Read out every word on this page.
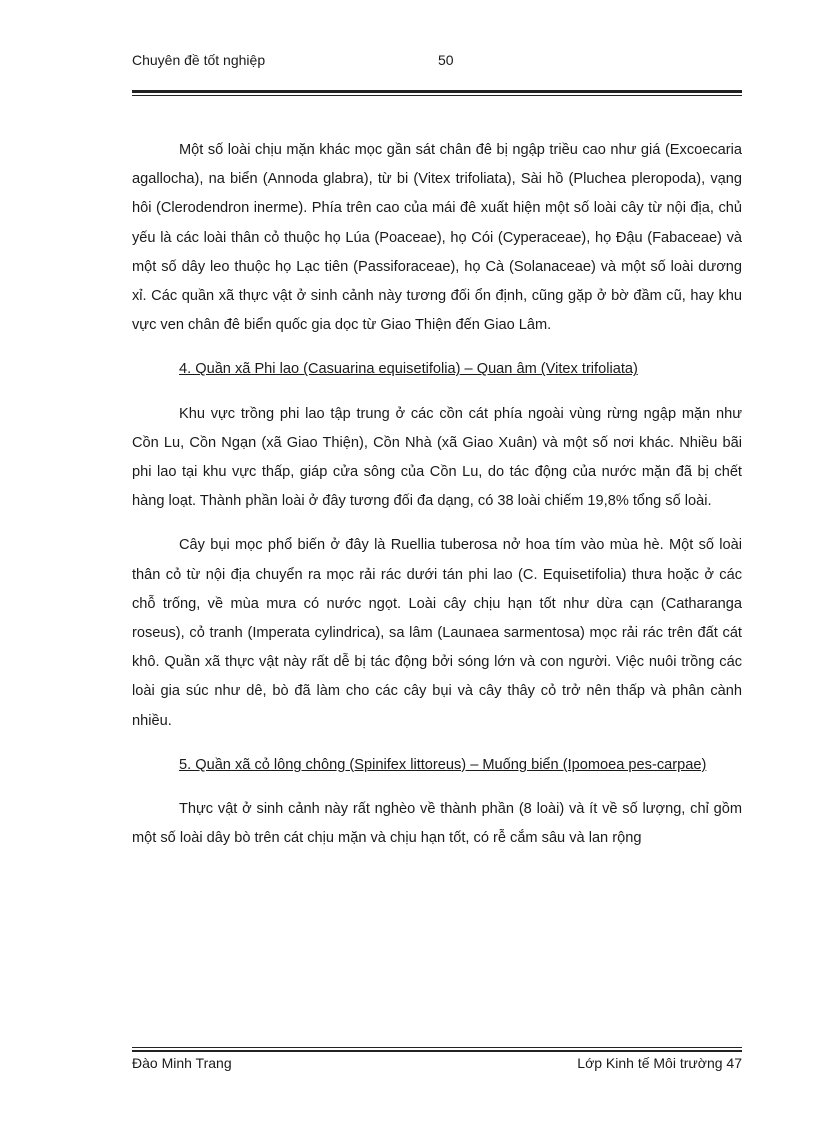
Chuyên đề tốt nghiệp	50

Một số loài chịu mặn khác mọc gần sát chân đê bị ngập triều cao như giá (Excoecaria agallocha), na biển (Annoda glabra), từ bi (Vitex trifoliata), Sài hồ (Pluchea pleropoda), vạng hôi (Clerodendron inerme). Phía trên cao của mái đê xuất hiện một số loài cây từ nội địa, chủ yếu là các loài thân cỏ thuộc họ Lúa (Poaceae), họ Cói (Cyperaceae), họ Đậu (Fabaceae) và một số dây leo thuộc họ Lạc tiên (Passiforaceae), họ Cà (Solanaceae) và một số loài dương xỉ. Các quần xã thực vật ở sinh cảnh này tương đối ổn định, cũng gặp ở bờ đầm cũ, hay khu vực ven chân đê biển quốc gia dọc từ Giao Thiện đến Giao Lâm.

4. Quần xã Phi lao (Casuarina equisetifolia) – Quan âm (Vitex trifoliata)

Khu vực trồng phi lao tập trung ở các cồn cát phía ngoài vùng rừng ngập mặn như Cồn Lu, Cồn Ngạn (xã Giao Thiện), Cồn Nhà (xã Giao Xuân) và một số nơi khác. Nhiều bãi phi lao tại khu vực thấp, giáp cửa sông của Cồn Lu, do tác động của nước mặn đã bị chết hàng loạt. Thành phần loài ở đây tương đối đa dạng, có 38 loài chiếm 19,8% tổng số loài.

Cây bụi mọc phổ biến ở đây là Ruellia tuberosa nở hoa tím vào mùa hè. Một số loài thân cỏ từ nội địa chuyển ra mọc rải rác dưới tán phi lao (C. Equisetifolia) thưa hoặc ở các chỗ trống, về mùa mưa có nước ngọt. Loài cây chịu hạn tốt như dừa cạn (Catharanga roseus), cỏ tranh (Imperata cylindrica), sa lâm (Launaea sarmentosa) mọc rải rác trên đất cát khô. Quần xã thực vật này rất dễ bị tác động bởi sóng lớn và con người. Việc nuôi trồng các loài gia súc như dê, bò đã làm cho các cây bụi và cây thây cỏ trở nên thấp và phân cành nhiều.

5. Quần xã cỏ lông chông (Spinifex littoreus) – Muống biển (Ipomoea pes-carpae)

Thực vật ở sinh cảnh này rất nghèo về thành phần (8 loài) và ít về số lượng, chỉ gồm một số loài dây bò trên cát chịu mặn và chịu hạn tốt, có rễ cắm sâu và lan rộng

Đào Minh Trang	Lớp Kinh tế Môi trường 47
